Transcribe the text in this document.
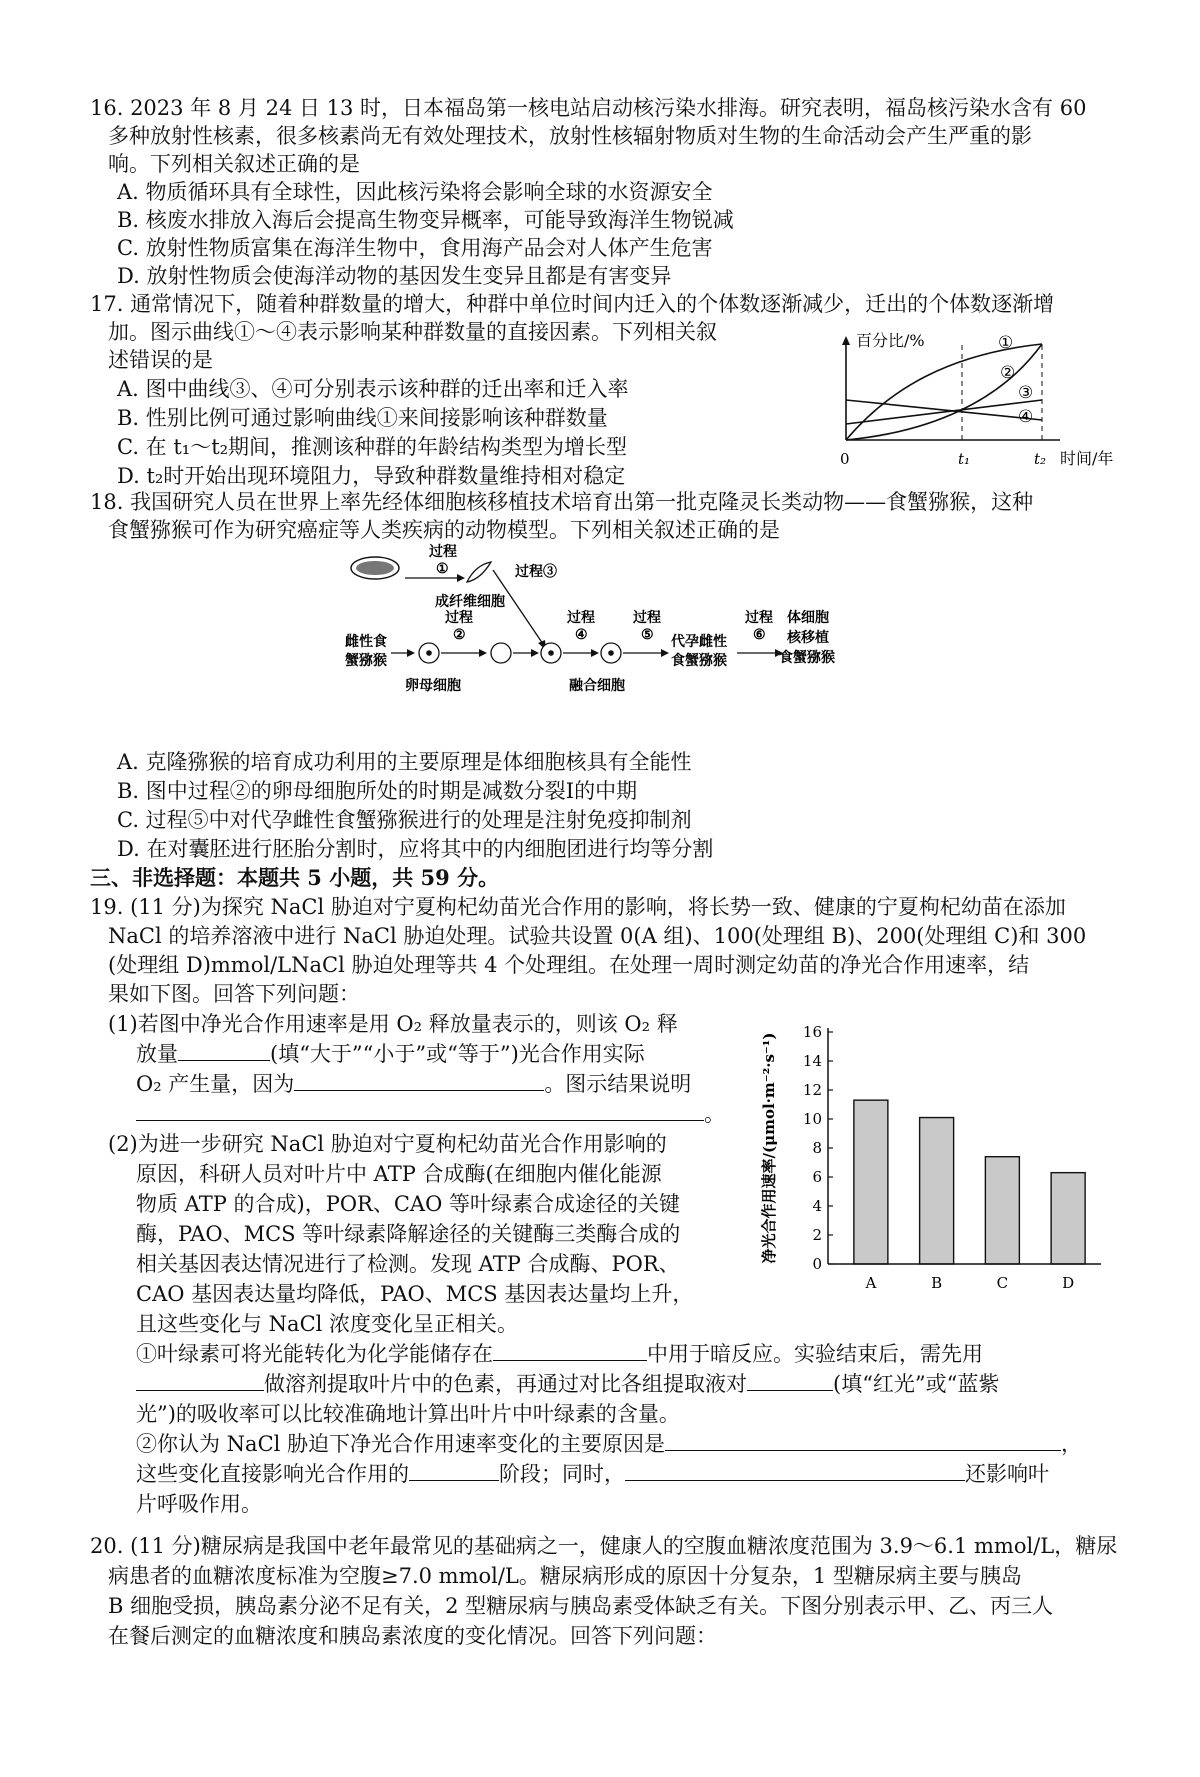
16. 2023 年 8 月 24 日 13 时，日本福岛第一核电站启动核污染水排海。研究表明，福岛核污染水含有 60
多种放射性核素，很多核素尚无有效处理技术，放射性核辐射物质对生物的生命活动会产生严重的影
响。下列相关叙述正确的是
A. 物质循环具有全球性，因此核污染将会影响全球的水资源安全
B. 核废水排放入海后会提高生物变异概率，可能导致海洋生物锐减
C. 放射性物质富集在海洋生物中，食用海产品会对人体产生危害
D. 放射性物质会使海洋动物的基因发生变异且都是有害变异
17. 通常情况下，随着种群数量的增大，种群中单位时间内迁入的个体数逐渐减少，迁出的个体数逐渐增
加。图示曲线①～④表示影响某种群数量的直接因素。下列相关叙
述错误的是
A. 图中曲线③、④可分别表示该种群的迁出率和迁入率
B. 性别比例可通过影响曲线①来间接影响该种群数量
C. 在 t₁～t₂期间，推测该种群的年龄结构类型为增长型
D. t₂时开始出现环境阻力，导致种群数量维持相对稳定
百分比/%
0	t₁	t₂ 时间/年
①
②
③
④
18. 我国研究人员在世界上率先经体细胞核移植技术培育出第一批克隆灵长类动物——食蟹猕猴，这种
食蟹猕猴可作为研究癌症等人类疾病的动物模型。下列相关叙述正确的是
过程
①
成纤维细胞
过程③
雌性食
蟹猕猴
卵母细胞
过程
②
过程
④
融合细胞
过程
⑤ 代孕雌性
食蟹猕猴
过程
⑥
体细胞
核移植
食蟹猕猴
A. 克隆猕猴的培育成功利用的主要原理是体细胞核具有全能性
B. 图中过程②的卵母细胞所处的时期是减数分裂Ⅰ的中期
C. 过程⑤中对代孕雌性食蟹猕猴进行的处理是注射免疫抑制剂
D. 在对囊胚进行胚胎分割时，应将其中的内细胞团进行均等分割
三、非选择题：本题共 5 小题，共 59 分。
19. (11 分)为探究 NaCl 胁迫对宁夏枸杞幼苗光合作用的影响，将长势一致、健康的宁夏枸杞幼苗在添加
NaCl 的培养溶液中进行 NaCl 胁迫处理。试验共设置 0(A 组)、100(处理组 B)、200(处理组 C)和 300
(处理组 D)mmol/LNaCl 胁迫处理等共 4 个处理组。在处理一周时测定幼苗的净光合作用速率，结
果如下图。回答下列问题：
(1)若图中净光合作用速率是用 O₂ 释放量表示的，则该 O₂ 释
放量	(填“大于”“小于”或“等于”)光合作用实际
O₂ 产生量，因为	。图示结果说明
。
(2)为进一步研究 NaCl 胁迫对宁夏枸杞幼苗光合作用影响的
原因，科研人员对叶片中 ATP 合成酶(在细胞内催化能源
物质 ATP 的合成)，POR、CAO 等叶绿素合成途径的关键
酶，PAO、MCS 等叶绿素降解途径的关键酶三类酶合成的
相关基因表达情况进行了检测。发现 ATP 合成酶、POR、
CAO 基因表达量均降低，PAO、MCS 基因表达量均上升，
且这些变化与 NaCl 浓度变化呈正相关。
①叶绿素可将光能转化为化学能储存在	中用于暗反应。实验结束后，需先用
做溶剂提取叶片中的色素，再通过对比各组提取液对	(填“红光”或“蓝紫
光”)的吸收率可以比较准确地计算出叶片中叶绿素的含量。
②你认为 NaCl 胁迫下净光合作用速率变化的主要原因是	，
这些变化直接影响光合作用的	阶段；同时，	还影响叶
片呼吸作用。
0
2
4
6
8
10
12
14
16
A	B	C	D
净光合作用速率/(μmol·m⁻²·s⁻¹)
20. (11 分)糖尿病是我国中老年最常见的基础病之一，健康人的空腹血糖浓度范围为 3.9～6.1 mmol/L，糖尿
病患者的血糖浓度标准为空腹≥7.0 mmol/L。糖尿病形成的原因十分复杂，1 型糖尿病主要与胰岛
B 细胞受损，胰岛素分泌不足有关，2 型糖尿病与胰岛素受体缺乏有关。下图分别表示甲、乙、丙三人
在餐后测定的血糖浓度和胰岛素浓度的变化情况。回答下列问题：
